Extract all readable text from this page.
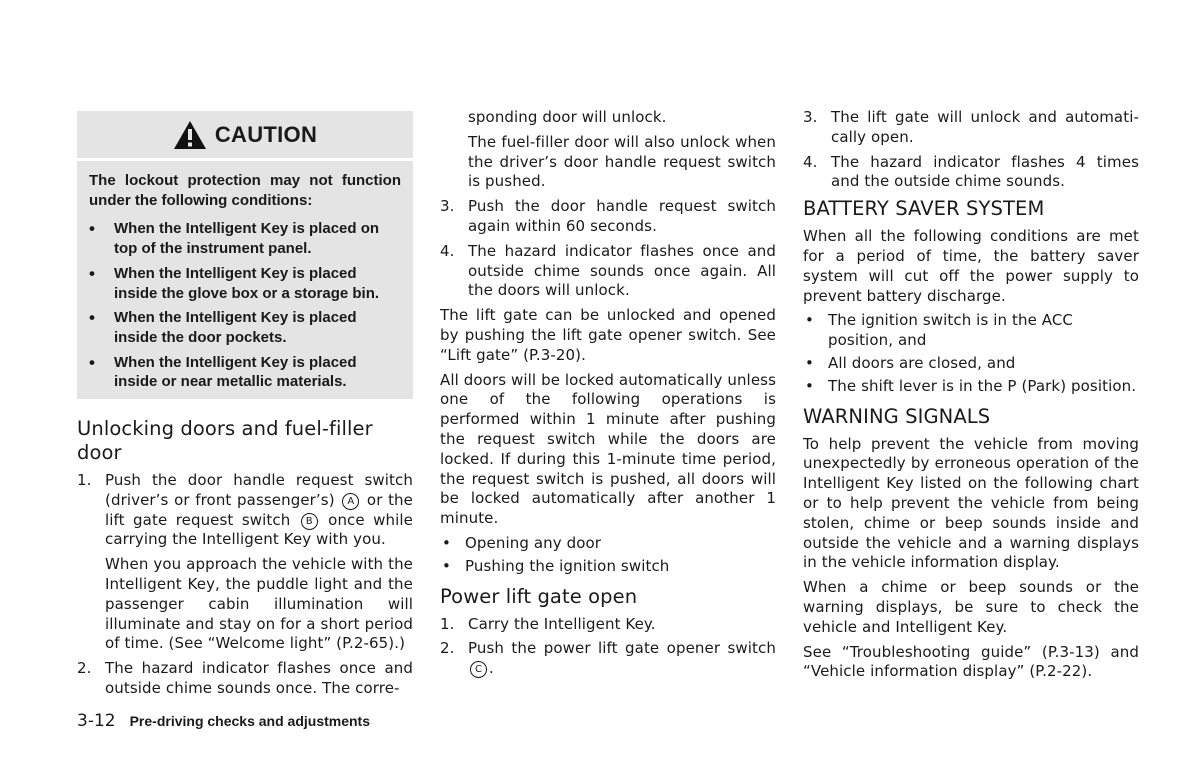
CAUTION

The lockout protection may not function under the following conditions:

• When the Intelligent Key is placed on top of the instrument panel.
• When the Intelligent Key is placed inside the glove box or a storage bin.
• When the Intelligent Key is placed inside the door pockets.
• When the Intelligent Key is placed inside or near metallic materials.
Unlocking doors and fuel-filler door
1. Push the door handle request switch (driver’s or front passenger’s) A or the lift gate request switch B once while carrying the Intelligent Key with you.
When you approach the vehicle with the Intelligent Key, the puddle light and the passenger cabin illumination will illuminate and stay on for a short period of time. (See “Welcome light” (P.2-65).)
2. The hazard indicator flashes once and outside chime sounds once. The corre-
sponding door will unlock.
The fuel-filler door will also unlock when the driver’s door handle request switch is pushed.
3. Push the door handle request switch again within 60 seconds.
4. The hazard indicator flashes once and outside chime sounds once again. All the doors will unlock.

The lift gate can be unlocked and opened by pushing the lift gate opener switch. See “Lift gate” (P.3-20).

All doors will be locked automatically unless one of the following operations is performed within 1 minute after pushing the request switch while the doors are locked. If during this 1-minute time period, the request switch is pushed, all doors will be locked automatically after another 1 minute.

• Opening any door
• Pushing the ignition switch
Power lift gate open
1. Carry the Intelligent Key.
2. Push the power lift gate opener switch C .
3. The lift gate will unlock and automati-cally open.
4. The hazard indicator flashes 4 times and the outside chime sounds.
BATTERY SAVER SYSTEM

When all the following conditions are met for a period of time, the battery saver system will cut off the power supply to prevent battery discharge.

• The ignition switch is in the ACC position, and
• All doors are closed, and
• The shift lever is in the P (Park) position.
WARNING SIGNALS

To help prevent the vehicle from moving unexpectedly by erroneous operation of the Intelligent Key listed on the following chart or to help prevent the vehicle from being stolen, chime or beep sounds inside and outside the vehicle and a warning displays in the vehicle information display.

When a chime or beep sounds or the warning displays, be sure to check the vehicle and Intelligent Key.

See “Troubleshooting guide” (P.3-13) and “Vehicle information display” (P.2-22).

3-12 Pre-driving checks and adjustments
